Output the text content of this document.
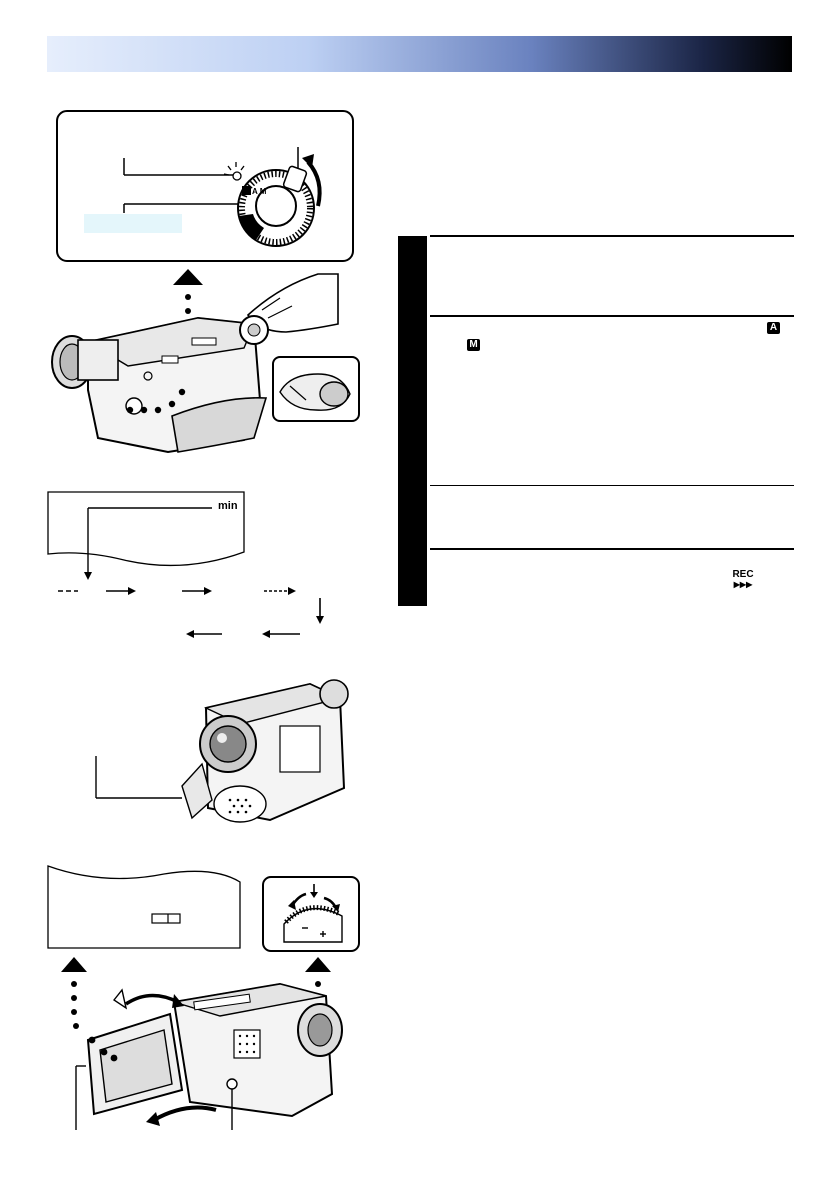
A M
min
A
M
REC
▶▶▶
